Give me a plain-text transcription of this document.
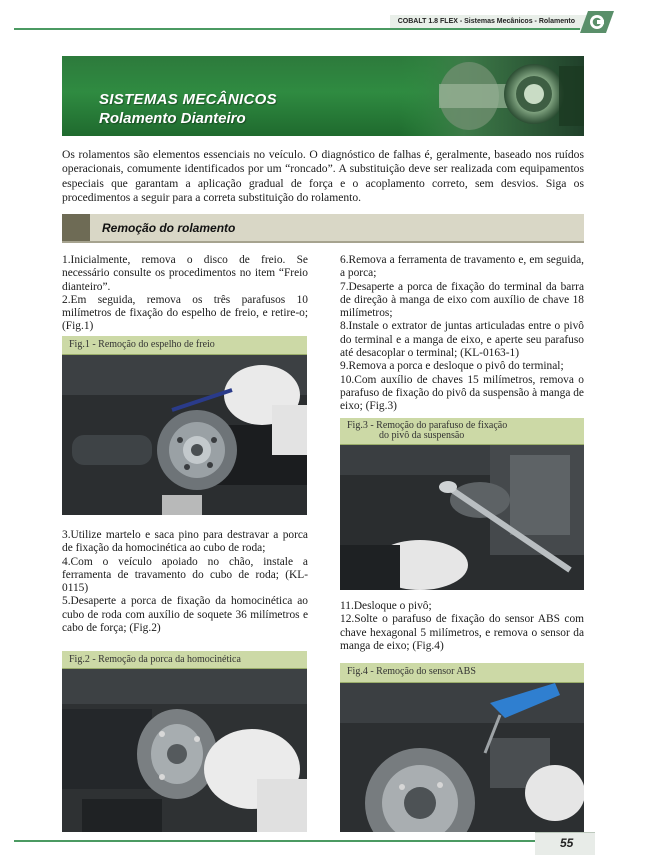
COBALT 1.8 FLEX - Sistemas Mecânicos - Rolamento
SISTEMAS MECÂNICOS
Rolamento Dianteiro

Os rolamentos são elementos essenciais no veículo. O diagnóstico de falhas é, geralmente, baseado nos ruídos operacionais, comumente identificados por um “roncado”. A substituição deve ser realizada com equipamentos especiais que garantam a aplicação gradual de força e o acoplamento correto, sem desvios. Siga os procedimentos a seguir para a correta substituição do rolamento.

Remoção do rolamento

1.Inicialmente, remova o disco de freio. Se necessário consulte os procedimentos no item “Freio dianteiro”.

2.Em seguida, remova os três parafusos 10 milímetros de fixação do espelho de freio, e retire-o; (Fig.1)

Fig.1 - Remoção do espelho de freio

3.Utilize martelo e saca pino para destravar a porca de fixação da homocinética ao cubo de roda;

4.Com o veículo apoiado no chão, instale a ferramenta de travamento do cubo de roda; (KL-0115)

5.Desaperte a porca de fixação da homocinética ao cubo de roda com auxílio de soquete 36 milímetros e cabo de força; (Fig.2)

Fig.2 - Remoção da porca da homocinética

6.Remova a ferramenta de travamento e, em seguida, a porca;

7.Desaperte a porca de fixação do terminal da barra de direção à manga de eixo com auxílio de chave 18 milímetros;

8.Instale o extrator de juntas articuladas entre o pivô do terminal e a manga de eixo, e aperte seu parafuso até desacoplar o terminal; (KL-0163-1)

9.Remova a porca e desloque o pivô do terminal;

10.Com auxílio de chaves 15 milímetros, remova o parafuso de fixação do pivô da suspensão à manga de eixo; (Fig.3)

Fig.3 - Remoção do parafuso de fixação
do pivô da suspensão

11.Desloque o pivô;

12.Solte o parafuso de fixação do sensor ABS com chave hexagonal 5 milímetros, e remova o sensor da manga de eixo; (Fig.4)

Fig.4 - Remoção do sensor ABS
55
